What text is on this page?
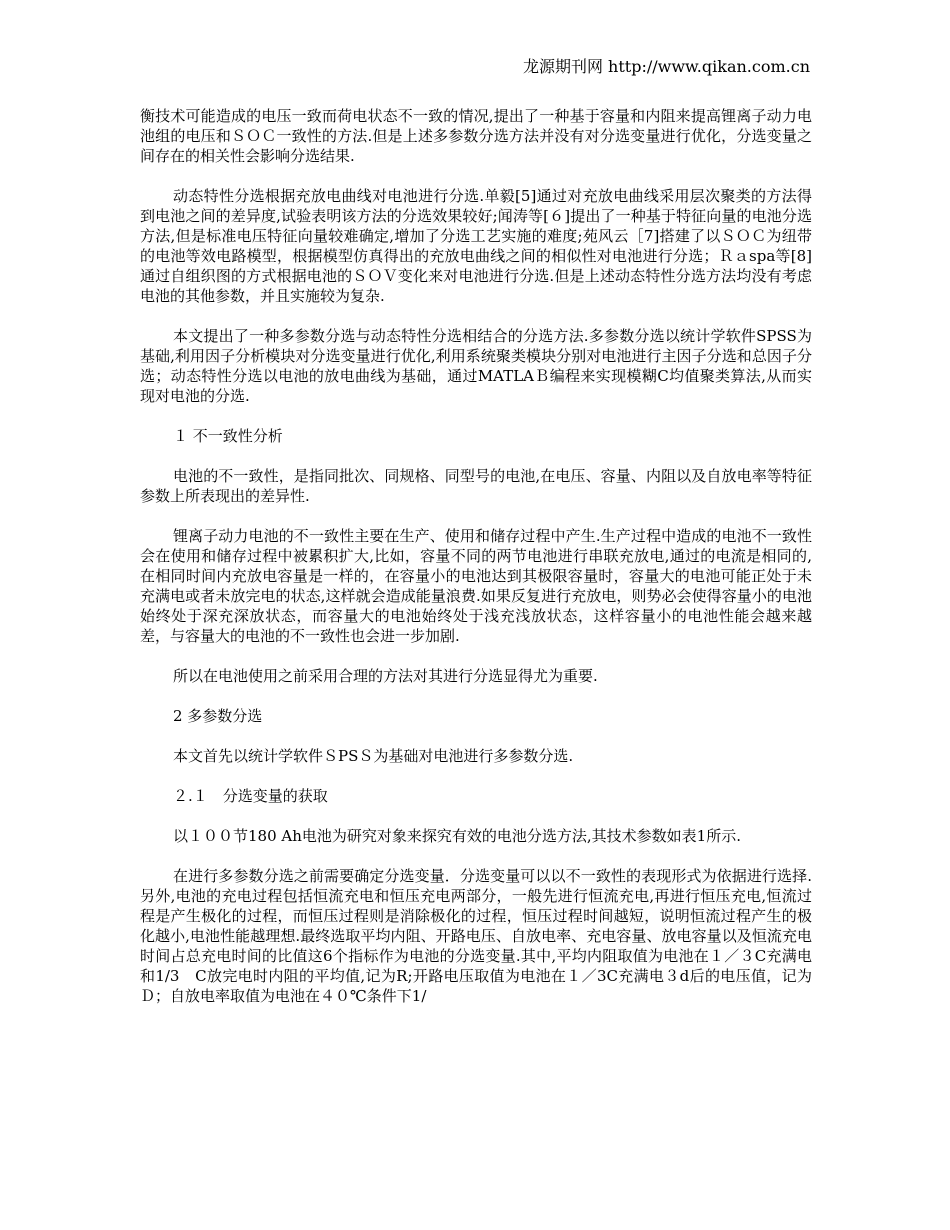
龙源期刊网 http://www.qikan.com.cn

衡技术可能造成的电压一致而荷电状态不一致的情况,提出了一种基于容量和内阻来提高锂离子动力电池组的电压和ＳＯＣ一致性的方法.但是上述多参数分选方法并没有对分选变量进行优化，分选变量之间存在的相关性会影响分选结果.

动态特性分选根据充放电曲线对电池进行分选.单毅[5]通过对充放电曲线采用层次聚类的方法得到电池之间的差异度,试验表明该方法的分选效果较好;闻涛等[６]提出了一种基于特征向量的电池分选方法,但是标准电压特征向量较难确定,增加了分选工艺实施的难度;苑风云［7]搭建了以ＳＯＣ为纽带的电池等效电路模型，根据模型仿真得出的充放电曲线之间的相似性对电池进行分选；Ｒａspa等[8]通过自组织图的方式根据电池的ＳＯＶ变化来对电池进行分选.但是上述动态特性分选方法均没有考虑电池的其他参数，并且实施较为复杂.

本文提出了一种多参数分选与动态特性分选相结合的分选方法.多参数分选以统计学软件SPSS为基础,利用因子分析模块对分选变量进行优化,利用系统聚类模块分别对电池进行主因子分选和总因子分选；动态特性分选以电池的放电曲线为基础，通过MATLAＢ编程来实现模糊C均值聚类算法,从而实现对电池的分选.

１ 不一致性分析

电池的不一致性，是指同批次、同规格、同型号的电池,在电压、容量、内阻以及自放电率等特征参数上所表现出的差异性.

锂离子动力电池的不一致性主要在生产、使用和储存过程中产生.生产过程中造成的电池不一致性会在使用和储存过程中被累积扩大,比如，容量不同的两节电池进行串联充放电,通过的电流是相同的,在相同时间内充放电容量是一样的，在容量小的电池达到其极限容量时，容量大的电池可能正处于未充满电或者未放完电的状态,这样就会造成能量浪费.如果反复进行充放电，则势必会使得容量小的电池始终处于深充深放状态，而容量大的电池始终处于浅充浅放状态，这样容量小的电池性能会越来越差，与容量大的电池的不一致性也会进一步加剧.

所以在电池使用之前采用合理的方法对其进行分选显得尤为重要.

2 多参数分选

本文首先以统计学软件ＳPSＳ为基础对电池进行多参数分选.

２.１　分选变量的获取

以１００节180 Ah电池为研究对象来探究有效的电池分选方法,其技术参数如表1所示.

在进行多参数分选之前需要确定分选变量．分选变量可以以不一致性的表现形式为依据进行选择.另外,电池的充电过程包括恒流充电和恒压充电两部分，一般先进行恒流充电,再进行恒压充电,恒流过程是产生极化的过程，而恒压过程则是消除极化的过程，恒压过程时间越短，说明恒流过程产生的极化越小,电池性能越理想.最终选取平均内阻、开路电压、自放电率、充电容量、放电容量以及恒流充电时间占总充电时间的比值这6个指标作为电池的分选变量.其中,平均内阻取值为电池在１／３C充满电和1/3　C放完电时内阻的平均值,记为R;开路电压取值为电池在１／3C充满电３d后的电压值，记为Ｄ；自放电率取值为电池在４０℃条件下1/
